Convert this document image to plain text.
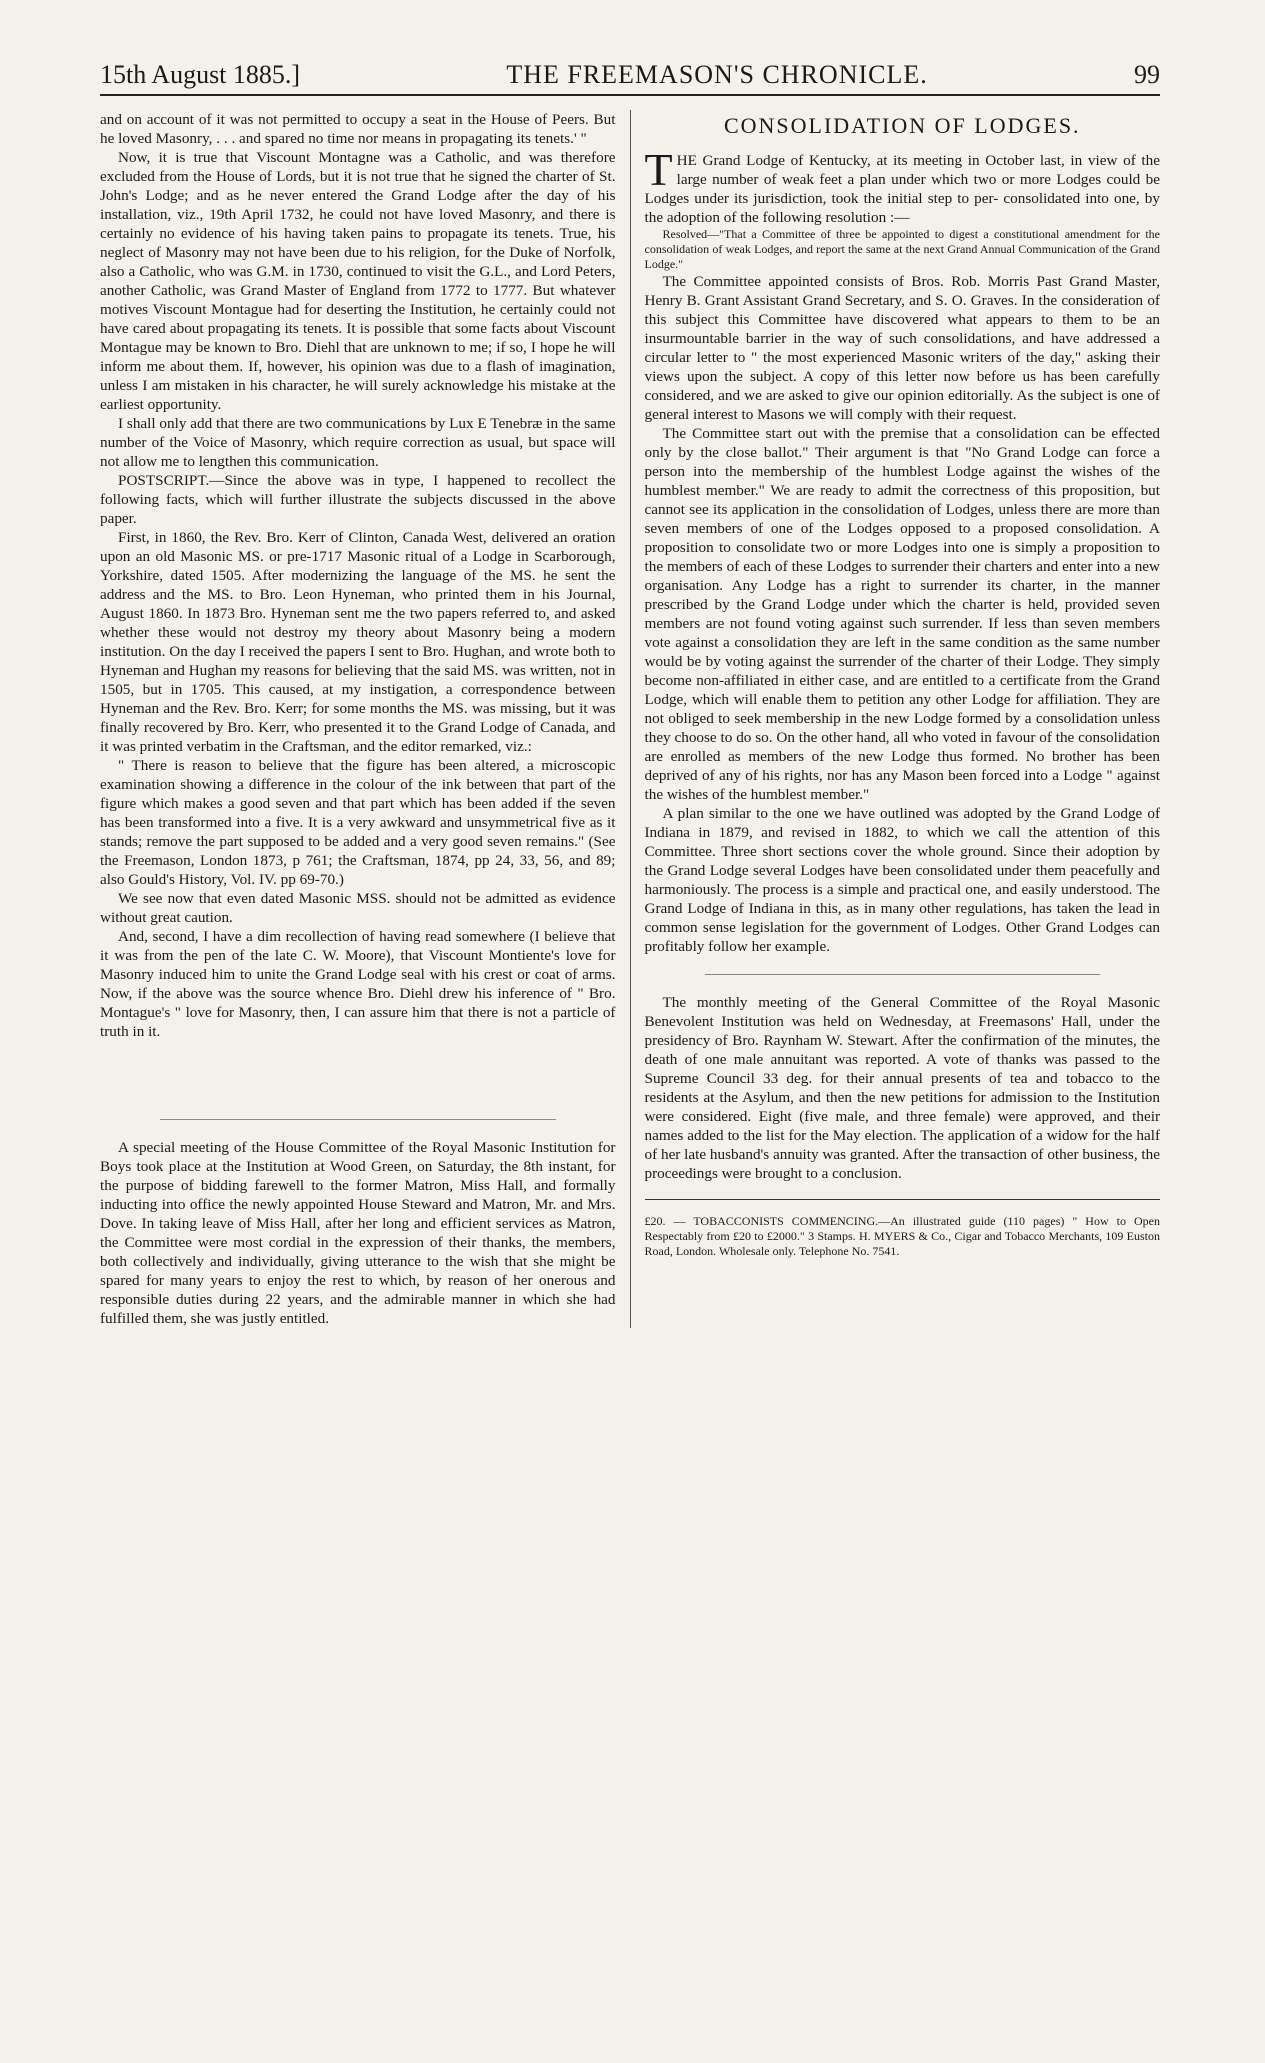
15th August 1885.]	THE FREEMASON'S CHRONICLE.	99

and on account of it was not permitted to occupy a seat in the House of Peers. But he loved Masonry, . . . and spared no time nor means in propagating its tenets.' "

Now, it is true that Viscount Montagne was a Catholic, and was therefore excluded from the House of Lords, but it is not true that he signed the charter of St. John's Lodge; and as he never entered the Grand Lodge after the day of his installation, viz., 19th April 1732, he could not have loved Masonry, and there is certainly no evidence of his having taken pains to propagate its tenets. True, his neglect of Masonry may not have been due to his religion, for the Duke of Norfolk, also a Catholic, who was G.M. in 1730, continued to visit the G.L., and Lord Peters, another Catholic, was Grand Master of England from 1772 to 1777. But whatever motives Viscount Montague had for deserting the Institution, he certainly could not have cared about propagating its tenets. It is possible that some facts about Viscount Montague may be known to Bro. Diehl that are unknown to me; if so, I hope he will inform me about them. If, however, his opinion was due to a flash of imagination, unless I am mistaken in his character, he will surely acknowledge his mistake at the earliest opportunity.

I shall only add that there are two communications by Lux E Tenebræ in the same number of the Voice of Masonry, which require correction as usual, but space will not allow me to lengthen this communication.

POSTSCRIPT.—Since the above was in type, I happened to recollect the following facts, which will further illustrate the subjects discussed in the above paper.

First, in 1860, the Rev. Bro. Kerr of Clinton, Canada West, delivered an oration upon an old Masonic MS. or pre-1717 Masonic ritual of a Lodge in Scarborough, Yorkshire, dated 1505. After modernizing the language of the MS. he sent the address and the MS. to Bro. Leon Hyneman, who printed them in his Journal, August 1860. In 1873 Bro. Hyneman sent me the two papers referred to, and asked whether these would not destroy my theory about Masonry being a modern institution. On the day I received the papers I sent to Bro. Hughan, and wrote both to Hyneman and Hughan my reasons for believing that the said MS. was written, not in 1505, but in 1705. This caused, at my instigation, a correspondence between Hyneman and the Rev. Bro. Kerr; for some months the MS. was missing, but it was finally recovered by Bro. Kerr, who presented it to the Grand Lodge of Canada, and it was printed verbatim in the Craftsman, and the editor remarked, viz.:

" There is reason to believe that the figure has been altered, a microscopic examination showing a difference in the colour of the ink between that part of the figure which makes a good seven and that part which has been added if the seven has been transformed into a five. It is a very awkward and unsymmetrical five as it stands; remove the part supposed to be added and a very good seven remains." (See the Freemason, London 1873, p 761; the Craftsman, 1874, pp 24, 33, 56, and 89; also Gould's History, Vol. IV. pp 69-70.)

We see now that even dated Masonic MSS. should not be admitted as evidence without great caution.

And, second, I have a dim recollection of having read somewhere (I believe that it was from the pen of the late C. W. Moore), that Viscount Montiente's love for Masonry induced him to unite the Grand Lodge seal with his crest or coat of arms. Now, if the above was the source whence Bro. Diehl drew his inference of " Bro. Montague's " love for Masonry, then, I can assure him that there is not a particle of truth in it.

A special meeting of the House Committee of the Royal Masonic Institution for Boys took place at the Institution at Wood Green, on Saturday, the 8th instant, for the purpose of bidding farewell to the former Matron, Miss Hall, and formally inducting into office the newly appointed House Steward and Matron, Mr. and Mrs. Dove. In taking leave of Miss Hall, after her long and efficient services as Matron, the Committee were most cordial in the expression of their thanks, the members, both collectively and individually, giving utterance to the wish that she might be spared for many years to enjoy the rest to which, by reason of her onerous and responsible duties during 22 years, and the admirable manner in which she had fulfilled them, she was justly entitled.

CONSOLIDATION OF LODGES.

THE Grand Lodge of Kentucky, at its meeting in October last, in view of the large number of weak feet a plan under which two or more Lodges could be Lodges under its jurisdiction, took the initial step to per- consolidated into one, by the adoption of the following resolution :—

Resolved—"That a Committee of three be appointed to digest a constitutional amendment for the consolidation of weak Lodges, and report the same at the next Grand Annual Communication of the Grand Lodge."

The Committee appointed consists of Bros. Rob. Morris Past Grand Master, Henry B. Grant Assistant Grand Secretary, and S. O. Graves. In the consideration of this subject this Committee have discovered what appears to them to be an insurmountable barrier in the way of such consolidations, and have addressed a circular letter to " the most experienced Masonic writers of the day," asking their views upon the subject. A copy of this letter now before us has been carefully considered, and we are asked to give our opinion editorially. As the subject is one of general interest to Masons we will comply with their request.

The Committee start out with the premise that a consolidation can be effected only by the close ballot." Their argument is that "No Grand Lodge can force a person into the membership of the humblest Lodge against the wishes of the humblest member." We are ready to admit the correctness of this proposition, but cannot see its application in the consolidation of Lodges, unless there are more than seven members of one of the Lodges opposed to a proposed consolidation. A proposition to consolidate two or more Lodges into one is simply a proposition to the members of each of these Lodges to surrender their charters and enter into a new organisation. Any Lodge has a right to surrender its charter, in the manner prescribed by the Grand Lodge under which the charter is held, provided seven members are not found voting against such surrender. If less than seven members vote against a consolidation they are left in the same condition as the same number would be by voting against the surrender of the charter of their Lodge. They simply become non-affiliated in either case, and are entitled to a certificate from the Grand Lodge, which will enable them to petition any other Lodge for affiliation. They are not obliged to seek membership in the new Lodge formed by a consolidation unless they choose to do so. On the other hand, all who voted in favour of the consolidation are enrolled as members of the new Lodge thus formed. No brother has been deprived of any of his rights, nor has any Mason been forced into a Lodge " against the wishes of the humblest member."

A plan similar to the one we have outlined was adopted by the Grand Lodge of Indiana in 1879, and revised in 1882, to which we call the attention of this Committee. Three short sections cover the whole ground. Since their adoption by the Grand Lodge several Lodges have been consolidated under them peacefully and harmoniously. The process is a simple and practical one, and easily understood. The Grand Lodge of Indiana in this, as in many other regulations, has taken the lead in common sense legislation for the government of Lodges. Other Grand Lodges can profitably follow her example.

The monthly meeting of the General Committee of the Royal Masonic Benevolent Institution was held on Wednesday, at Freemasons' Hall, under the presidency of Bro. Raynham W. Stewart. After the confirmation of the minutes, the death of one male annuitant was reported. A vote of thanks was passed to the Supreme Council 33 deg. for their annual presents of tea and tobacco to the residents at the Asylum, and then the new petitions for admission to the Institution were considered. Eight (five male, and three female) were approved, and their names added to the list for the May election. The application of a widow for the half of her late husband's annuity was granted. After the transaction of other business, the proceedings were brought to a conclusion.

£20. — TOBACCONISTS COMMENCING.—An illustrated guide (110 pages) " How to Open Respectably from £20 to £2000." 3 Stamps. H. MYERS & Co., Cigar and Tobacco Merchants, 109 Euston Road, London. Wholesale only. Telephone No. 7541.
